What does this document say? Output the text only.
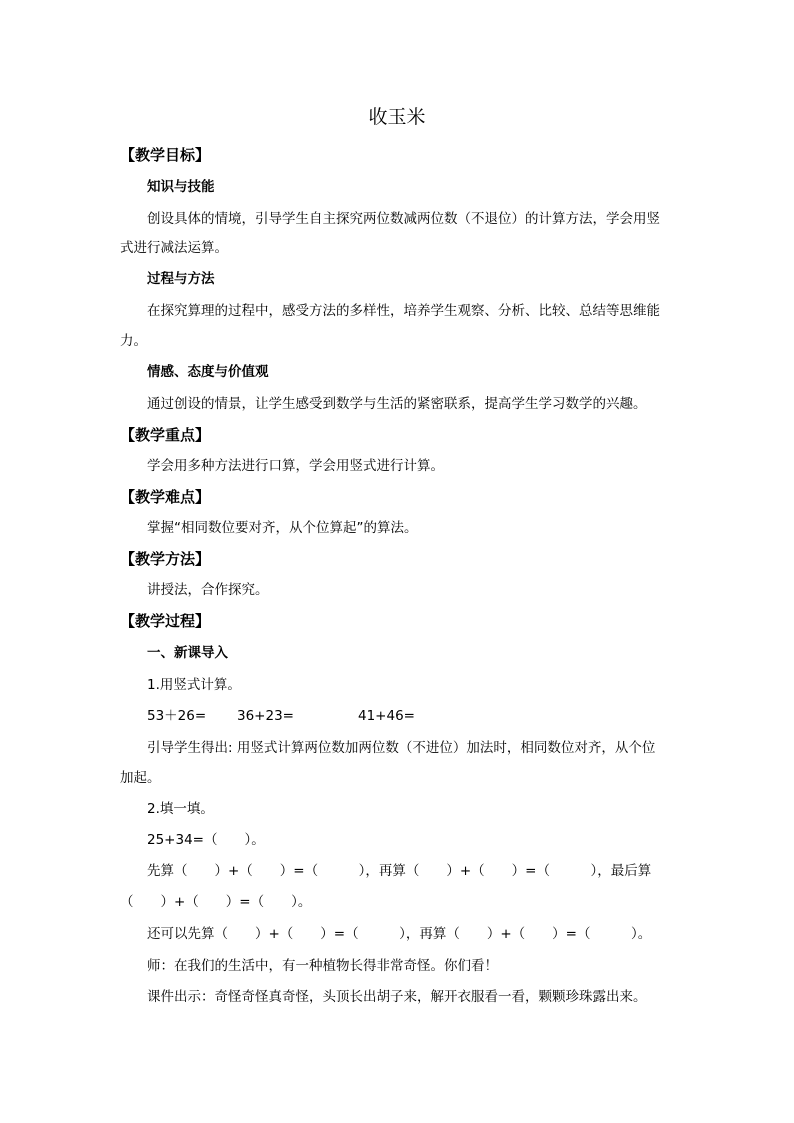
收玉米
【教学目标】
知识与技能
创设具体的情境，引导学生自主探究两位数减两位数（不退位）的计算方法，学会用竖
式进行减法运算。
过程与方法
在探究算理的过程中，感受方法的多样性，培养学生观察、分析、比较、总结等思维能
力。
情感、态度与价值观
通过创设的情景，让学生感受到数学与生活的紧密联系，提高学生学习数学的兴趣。
【教学重点】
学会用多种方法进行口算，学会用竖式进行计算。
【教学难点】
掌握“相同数位要对齐，从个位算起”的算法。
【教学方法】
讲授法，合作探究。
【教学过程】
一、新课导入
1.用竖式计算。
53＋26= 36+23=	41+46=
引导学生得出: 用竖式计算两位数加两位数（不进位）加法时，相同数位对齐，从个位
加起。
2.填一填。
25+34=（　　）。
先算（　　）+（　　）=（　　　），再算（　　）+（　　）=（　　　），最后算
（　　）+（　　）=（　　）。
还可以先算（　　）+（　　）=（　　　），再算（　　）+（　　）=（　　　）。
师：在我们的生活中，有一种植物长得非常奇怪。你们看！
课件出示：奇怪奇怪真奇怪，头顶长出胡子来，解开衣服看一看，颗颗珍珠露出来。
